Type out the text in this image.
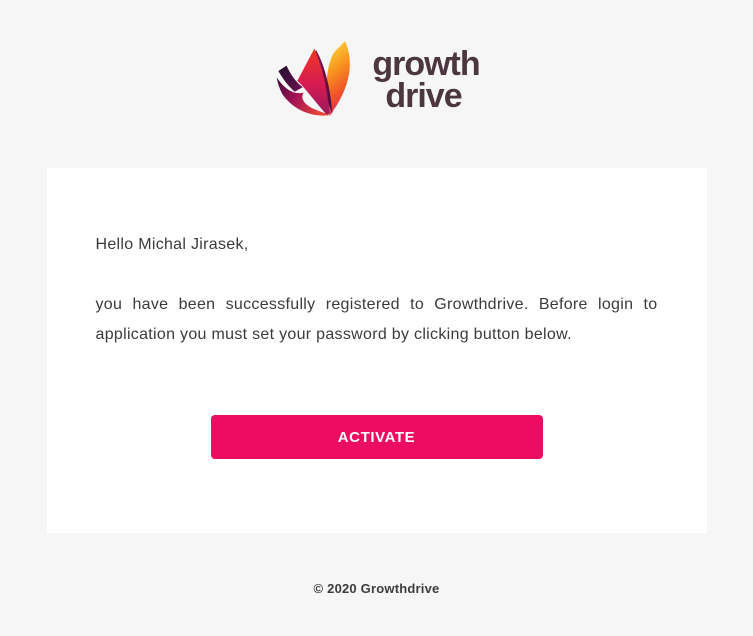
growth
drive

Hello Michal Jirasek,

you have been successfully registered to Growthdrive. Before login to application you must set your password by clicking button below.

ACTIVATE
© 2020 Growthdrive
